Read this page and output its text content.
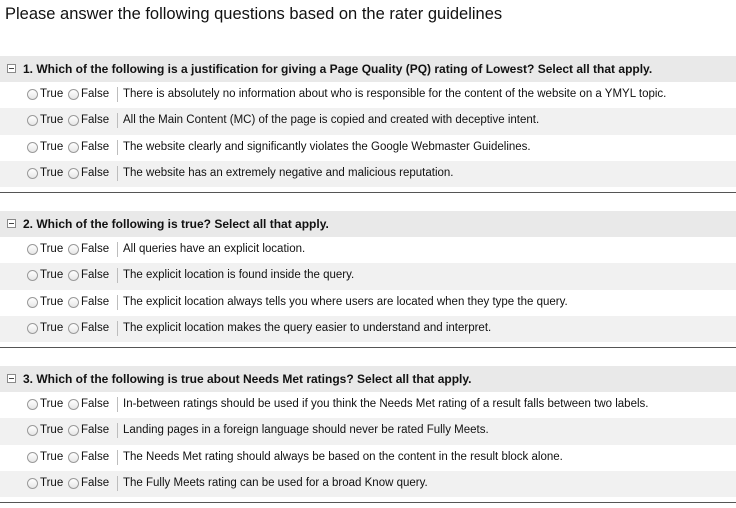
Please answer the following questions based on the rater guidelines
1. Which of the following is a justification for giving a Page Quality (PQ) rating of Lowest? Select all that apply.
True False There is absolutely no information about who is responsible for the content of the website on a YMYL topic.
True False All the Main Content (MC) of the page is copied and created with deceptive intent.
True False The website clearly and significantly violates the Google Webmaster Guidelines.
True False The website has an extremely negative and malicious reputation.
2. Which of the following is true? Select all that apply.
True False All queries have an explicit location.
True False The explicit location is found inside the query.
True False The explicit location always tells you where users are located when they type the query.
True False The explicit location makes the query easier to understand and interpret.
3. Which of the following is true about Needs Met ratings? Select all that apply.
True False In-between ratings should be used if you think the Needs Met rating of a result falls between two labels.
True False Landing pages in a foreign language should never be rated Fully Meets.
True False The Needs Met rating should always be based on the content in the result block alone.
True False The Fully Meets rating can be used for a broad Know query.
